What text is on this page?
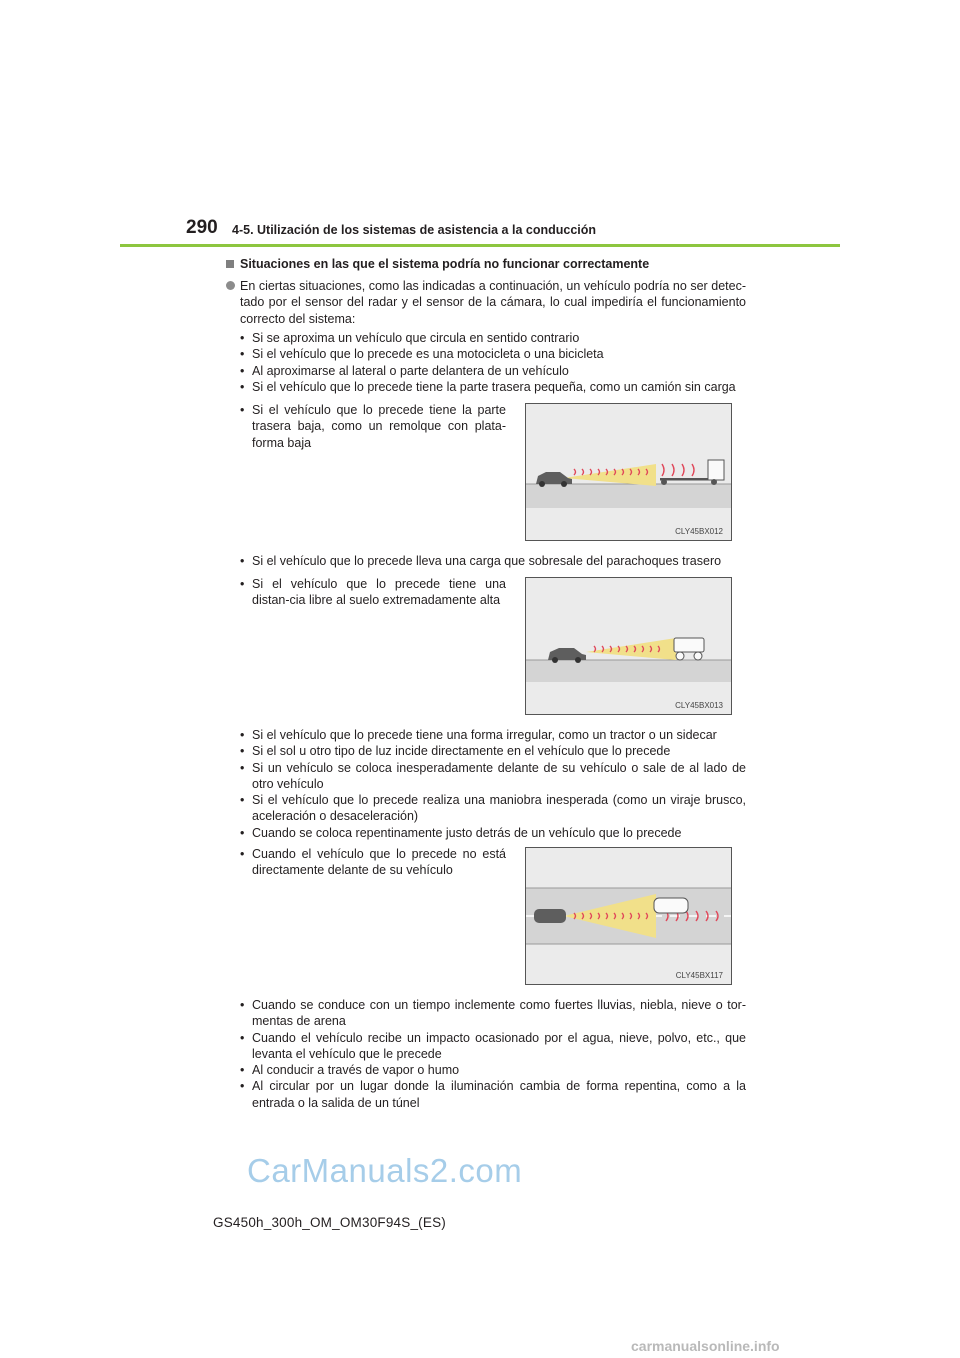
290 4-5. Utilización de los sistemas de asistencia a la conducción
Situaciones en las que el sistema podría no funcionar correctamente
En ciertas situaciones, como las indicadas a continuación, un vehículo podría no ser detec-tado por el sensor del radar y el sensor de la cámara, lo cual impediría el funcionamiento correcto del sistema:
• Si se aproxima un vehículo que circula en sentido contrario
• Si el vehículo que lo precede es una motocicleta o una bicicleta
• Al aproximarse al lateral o parte delantera de un vehículo
• Si el vehículo que lo precede tiene la parte trasera pequeña, como un camión sin carga
• Si el vehículo que lo precede tiene la parte trasera baja, como un remolque con plata-forma baja
CLY45BX012
• Si el vehículo que lo precede lleva una carga que sobresale del parachoques trasero
• Si el vehículo que lo precede tiene una distan-cia libre al suelo extremadamente alta
CLY45BX013
• Si el vehículo que lo precede tiene una forma irregular, como un tractor o un sidecar
• Si el sol u otro tipo de luz incide directamente en el vehículo que lo precede
• Si un vehículo se coloca inesperadamente delante de su vehículo o sale de al lado de otro vehículo
• Si el vehículo que lo precede realiza una maniobra inesperada (como un viraje brusco, aceleración o desaceleración)
• Cuando se coloca repentinamente justo detrás de un vehículo que lo precede
• Cuando el vehículo que lo precede no está directamente delante de su vehículo
CLY45BX117
• Cuando se conduce con un tiempo inclemente como fuertes lluvias, niebla, nieve o tor-mentas de arena
• Cuando el vehículo recibe un impacto ocasionado por el agua, nieve, polvo, etc., que levanta el vehículo que le precede
• Al conducir a través de vapor o humo
• Al circular por un lugar donde la iluminación cambia de forma repentina, como a la entrada o la salida de un túnel
CarManuals2.com
GS450h_300h_OM_OM30F94S_(ES)
carmanualsonline.info
